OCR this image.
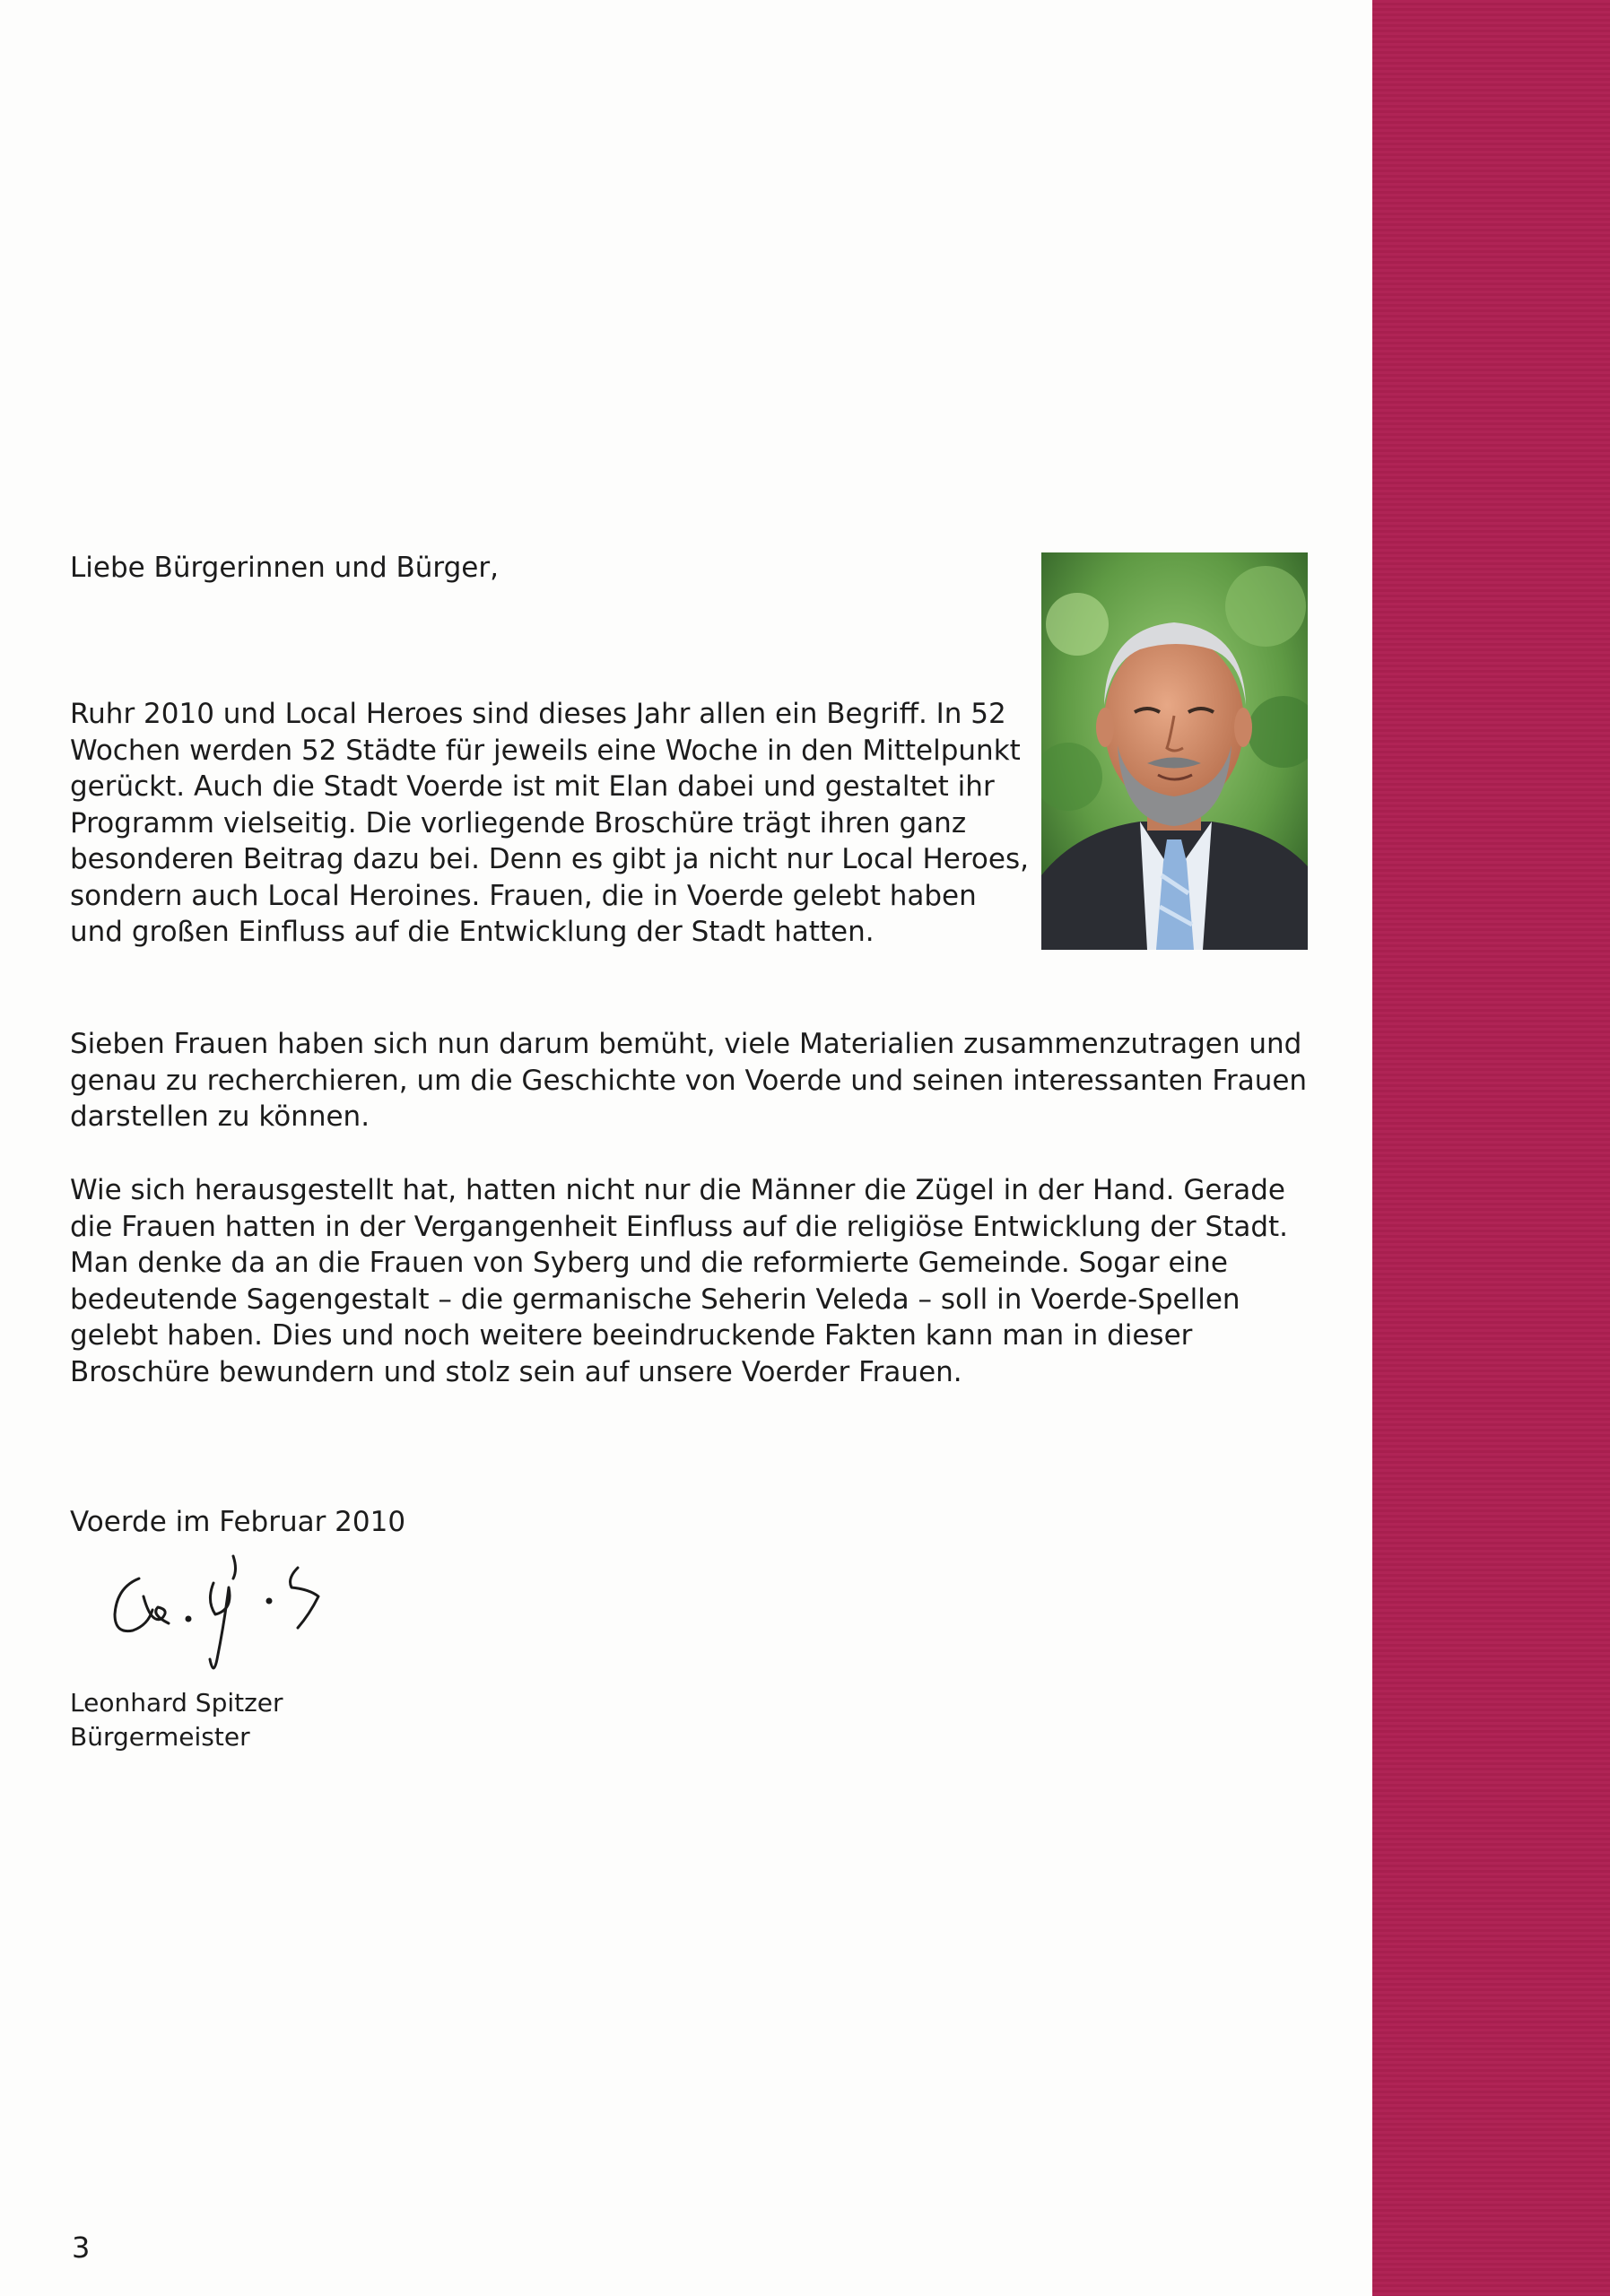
Liebe Bürgerinnen und Bürger,

Ruhr 2010 und Local Heroes sind dieses Jahr allen ein Begriff. In 52 Wochen werden 52 Städte für jeweils eine Woche in den Mittelpunkt gerückt. Auch die Stadt Voerde ist mit Elan dabei und gestaltet ihr Programm vielseitig. Die vorliegende Broschüre trägt ihren ganz besonderen Beitrag dazu bei. Denn es gibt ja nicht nur Local Heroes, sondern auch Local Heroines. Frauen, die in Voerde gelebt haben und großen Einfluss auf die Entwicklung der Stadt hatten.

Sieben Frauen haben sich nun darum bemüht, viele Materialien zusammenzutragen und genau zu recherchieren, um die Geschichte von Voerde und seinen interessanten Frauen darstellen zu können.

Wie sich herausgestellt hat, hatten nicht nur die Männer die Zügel in der Hand. Gerade die Frauen hatten in der Vergangenheit Einfluss auf die religiöse Entwicklung der Stadt. Man denke da an die Frauen von Syberg und die reformierte Gemeinde. Sogar eine bedeutende Sagengestalt – die germanische Seherin Veleda – soll in Voerde-Spellen gelebt haben. Dies und noch weitere beeindruckende Fakten kann man in dieser Broschüre bewundern und stolz sein auf unsere Voerder Frauen.

Voerde im Februar 2010

Leonhard Spitzer

Bürgermeister

3
